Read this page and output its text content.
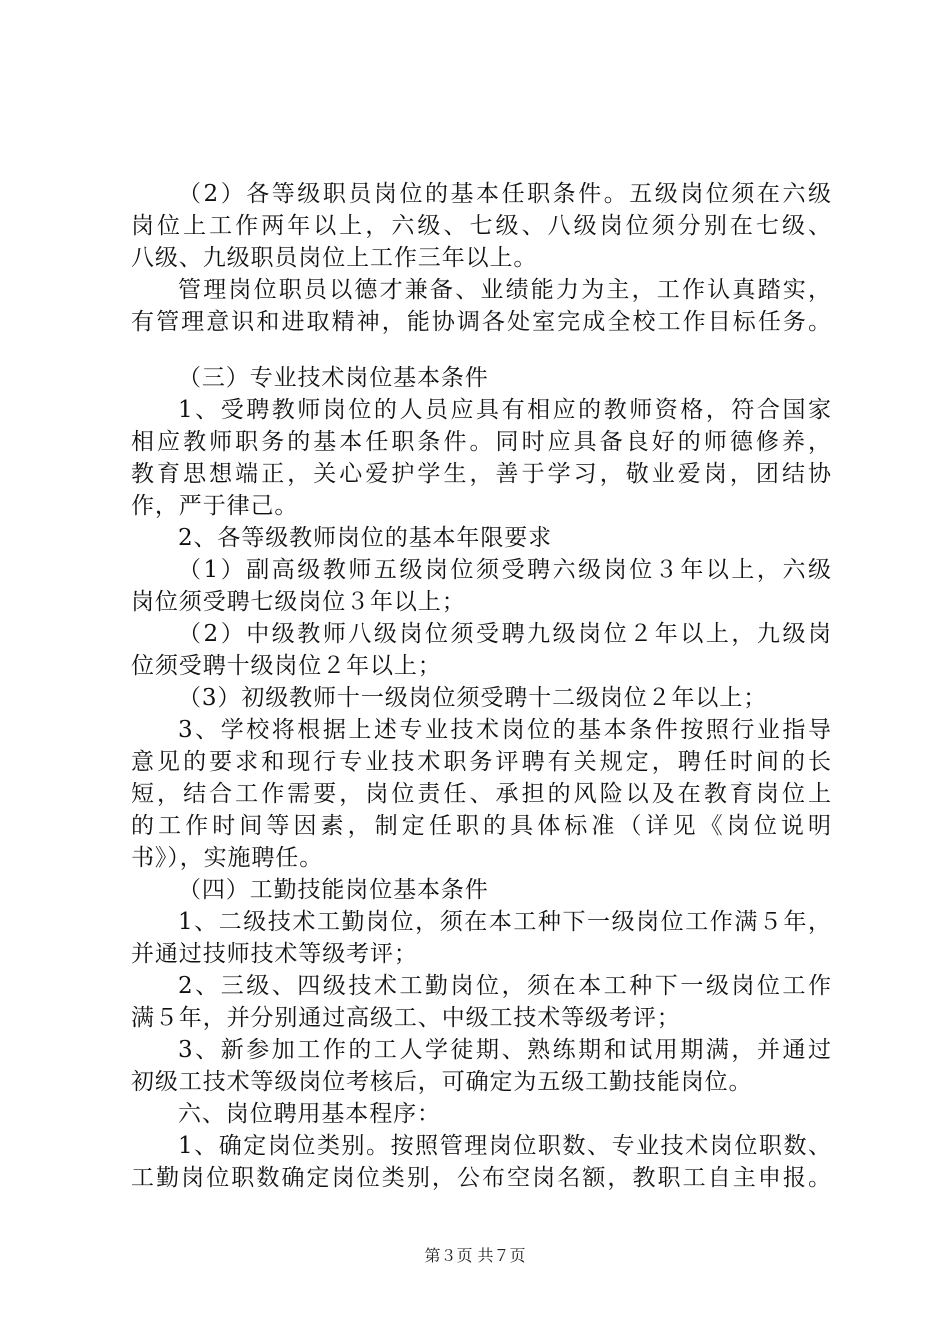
（2）各等级职员岗位的基本任职条件。五级岗位须在六级
岗位上工作两年以上，六级、七级、八级岗位须分别在七级、
八级、九级职员岗位上工作三年以上。
管理岗位职员以德才兼备、业绩能力为主，工作认真踏实，
有管理意识和进取精神，能协调各处室完成全校工作目标任务。
（三）专业技术岗位基本条件
1、受聘教师岗位的人员应具有相应的教师资格，符合国家
相应教师职务的基本任职条件。同时应具备良好的师德修养，
教育思想端正，关心爱护学生，善于学习，敬业爱岗，团结协
作，严于律己。
2、各等级教师岗位的基本年限要求
（1）副高级教师五级岗位须受聘六级岗位３年以上，六级
岗位须受聘七级岗位３年以上；
（2）中级教师八级岗位须受聘九级岗位２年以上，九级岗
位须受聘十级岗位２年以上；
（3）初级教师十一级岗位须受聘十二级岗位２年以上；
3、学校将根据上述专业技术岗位的基本条件按照行业指导
意见的要求和现行专业技术职务评聘有关规定，聘任时间的长
短，结合工作需要，岗位责任、承担的风险以及在教育岗位上
的工作时间等因素，制定任职的具体标准（详见《岗位说明
书》），实施聘任。
（四）工勤技能岗位基本条件
1、二级技术工勤岗位，须在本工种下一级岗位工作满５年，
并通过技师技术等级考评；
2、三级、四级技术工勤岗位，须在本工种下一级岗位工作
满５年，并分别通过高级工、中级工技术等级考评；
3、新参加工作的工人学徒期、熟练期和试用期满，并通过
初级工技术等级岗位考核后，可确定为五级工勤技能岗位。
六、岗位聘用基本程序：
1、确定岗位类别。按照管理岗位职数、专业技术岗位职数、
工勤岗位职数确定岗位类别，公布空岗名额，教职工自主申报。
第３页 共７页
